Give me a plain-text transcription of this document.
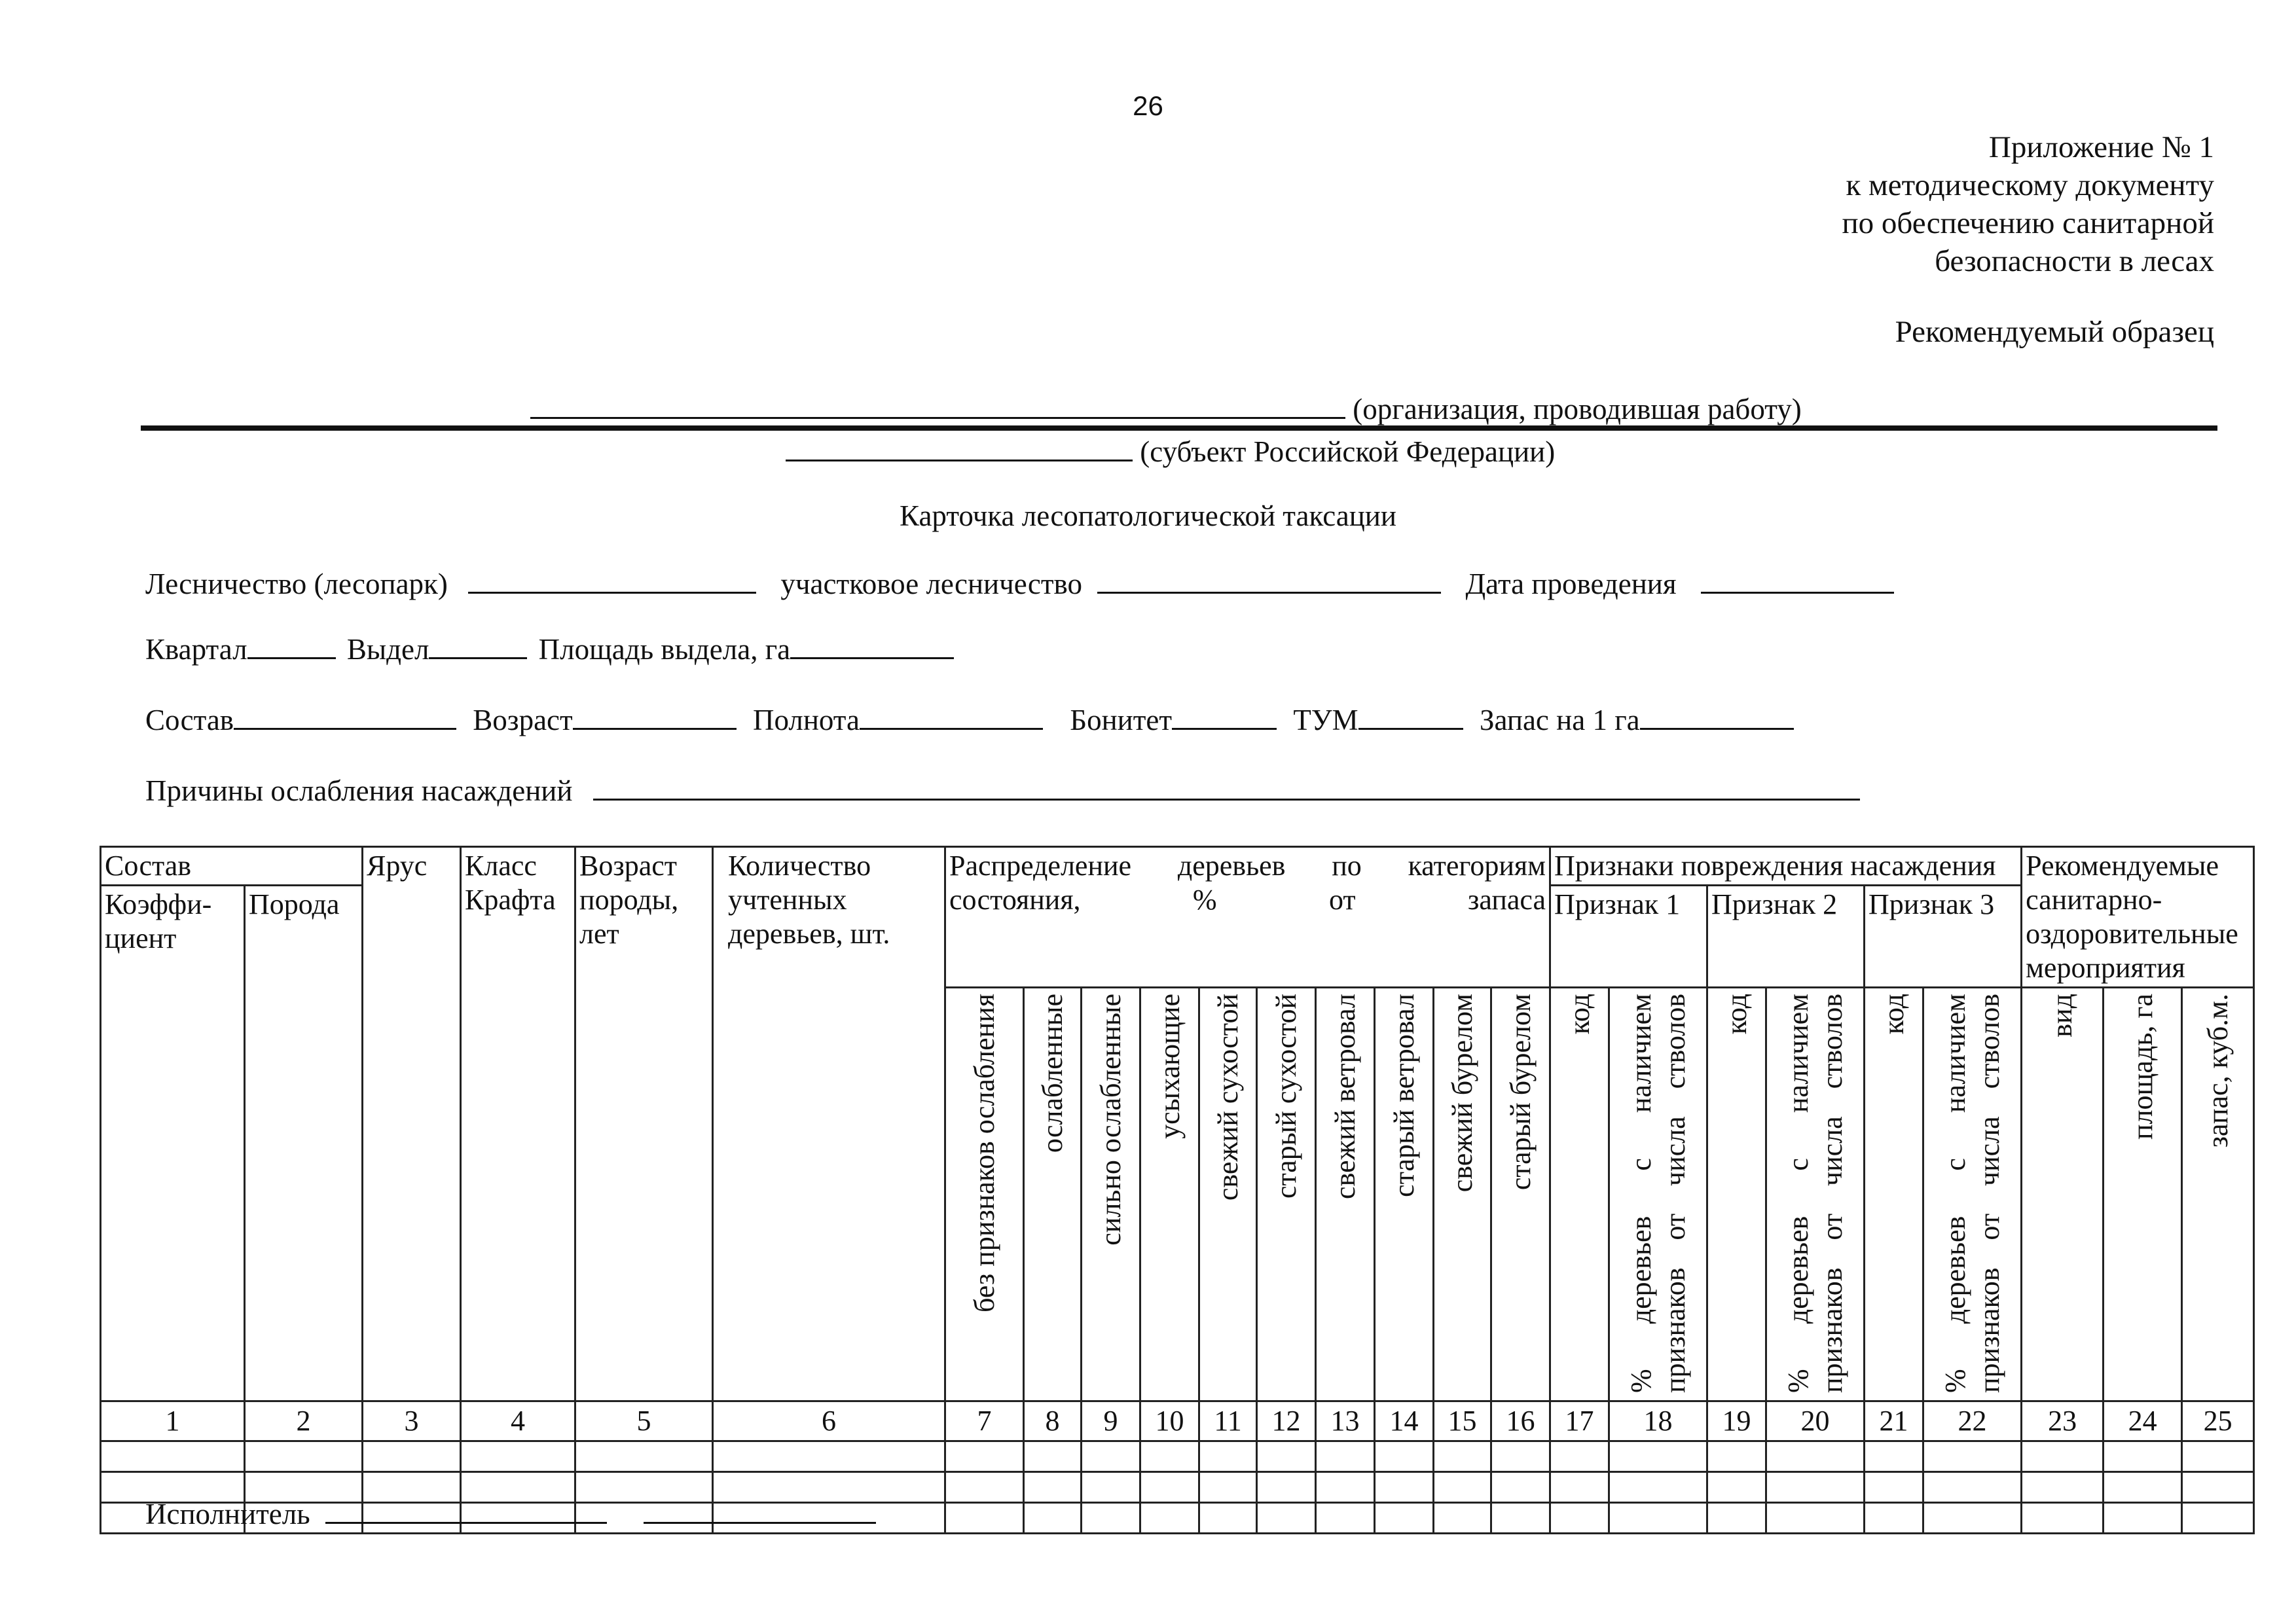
26
Приложение № 1
к методическому документу
по обеспечению санитарной
безопасности в лесах
Рекомендуемый образец
(организация, проводившая работу)
(субъект Российской Федерации)
Карточка лесопатологической таксации
Лесничество (лесопарк)	участковое лесничество	Дата проведения
Квартал	Выдел	Площадь выдела, га
Состав	Возраст	Полнота	Бонитет	ТУМ	Запас на 1 га
Причины ослабления насаждений
Состав		Ярус	Класс Крафта	Возраст породы, лет	Количество учтенных деревьев, шт.	Распределение деревьев по категориям состояния, % от запаса										Признаки повреждения насаждения						Рекомендуемые санитарно-оздоровительные мероприятия		
Коэффи-циент	Порода															Признак 1		Признак 2		Признак 3				

						без признаков ослабления	ослабленные	сильно ослабленные	усыхающие	свежий сухостой	старый сухостой	свежий ветровал	старый ветровал	свежий бурелом	старый бурелом	код	% деревьев с наличием признаков от числа стволов	код	% деревьев с наличием признаков от числа стволов	код	% деревьев с наличием признаков от числа стволов	вид	площадь, га	запас, куб.м.

1	2	3	4	5	6	7	8	9	10	11	12	13	14	15	16	17	18	19	20	21	22	23	24	25

Исполнитель
